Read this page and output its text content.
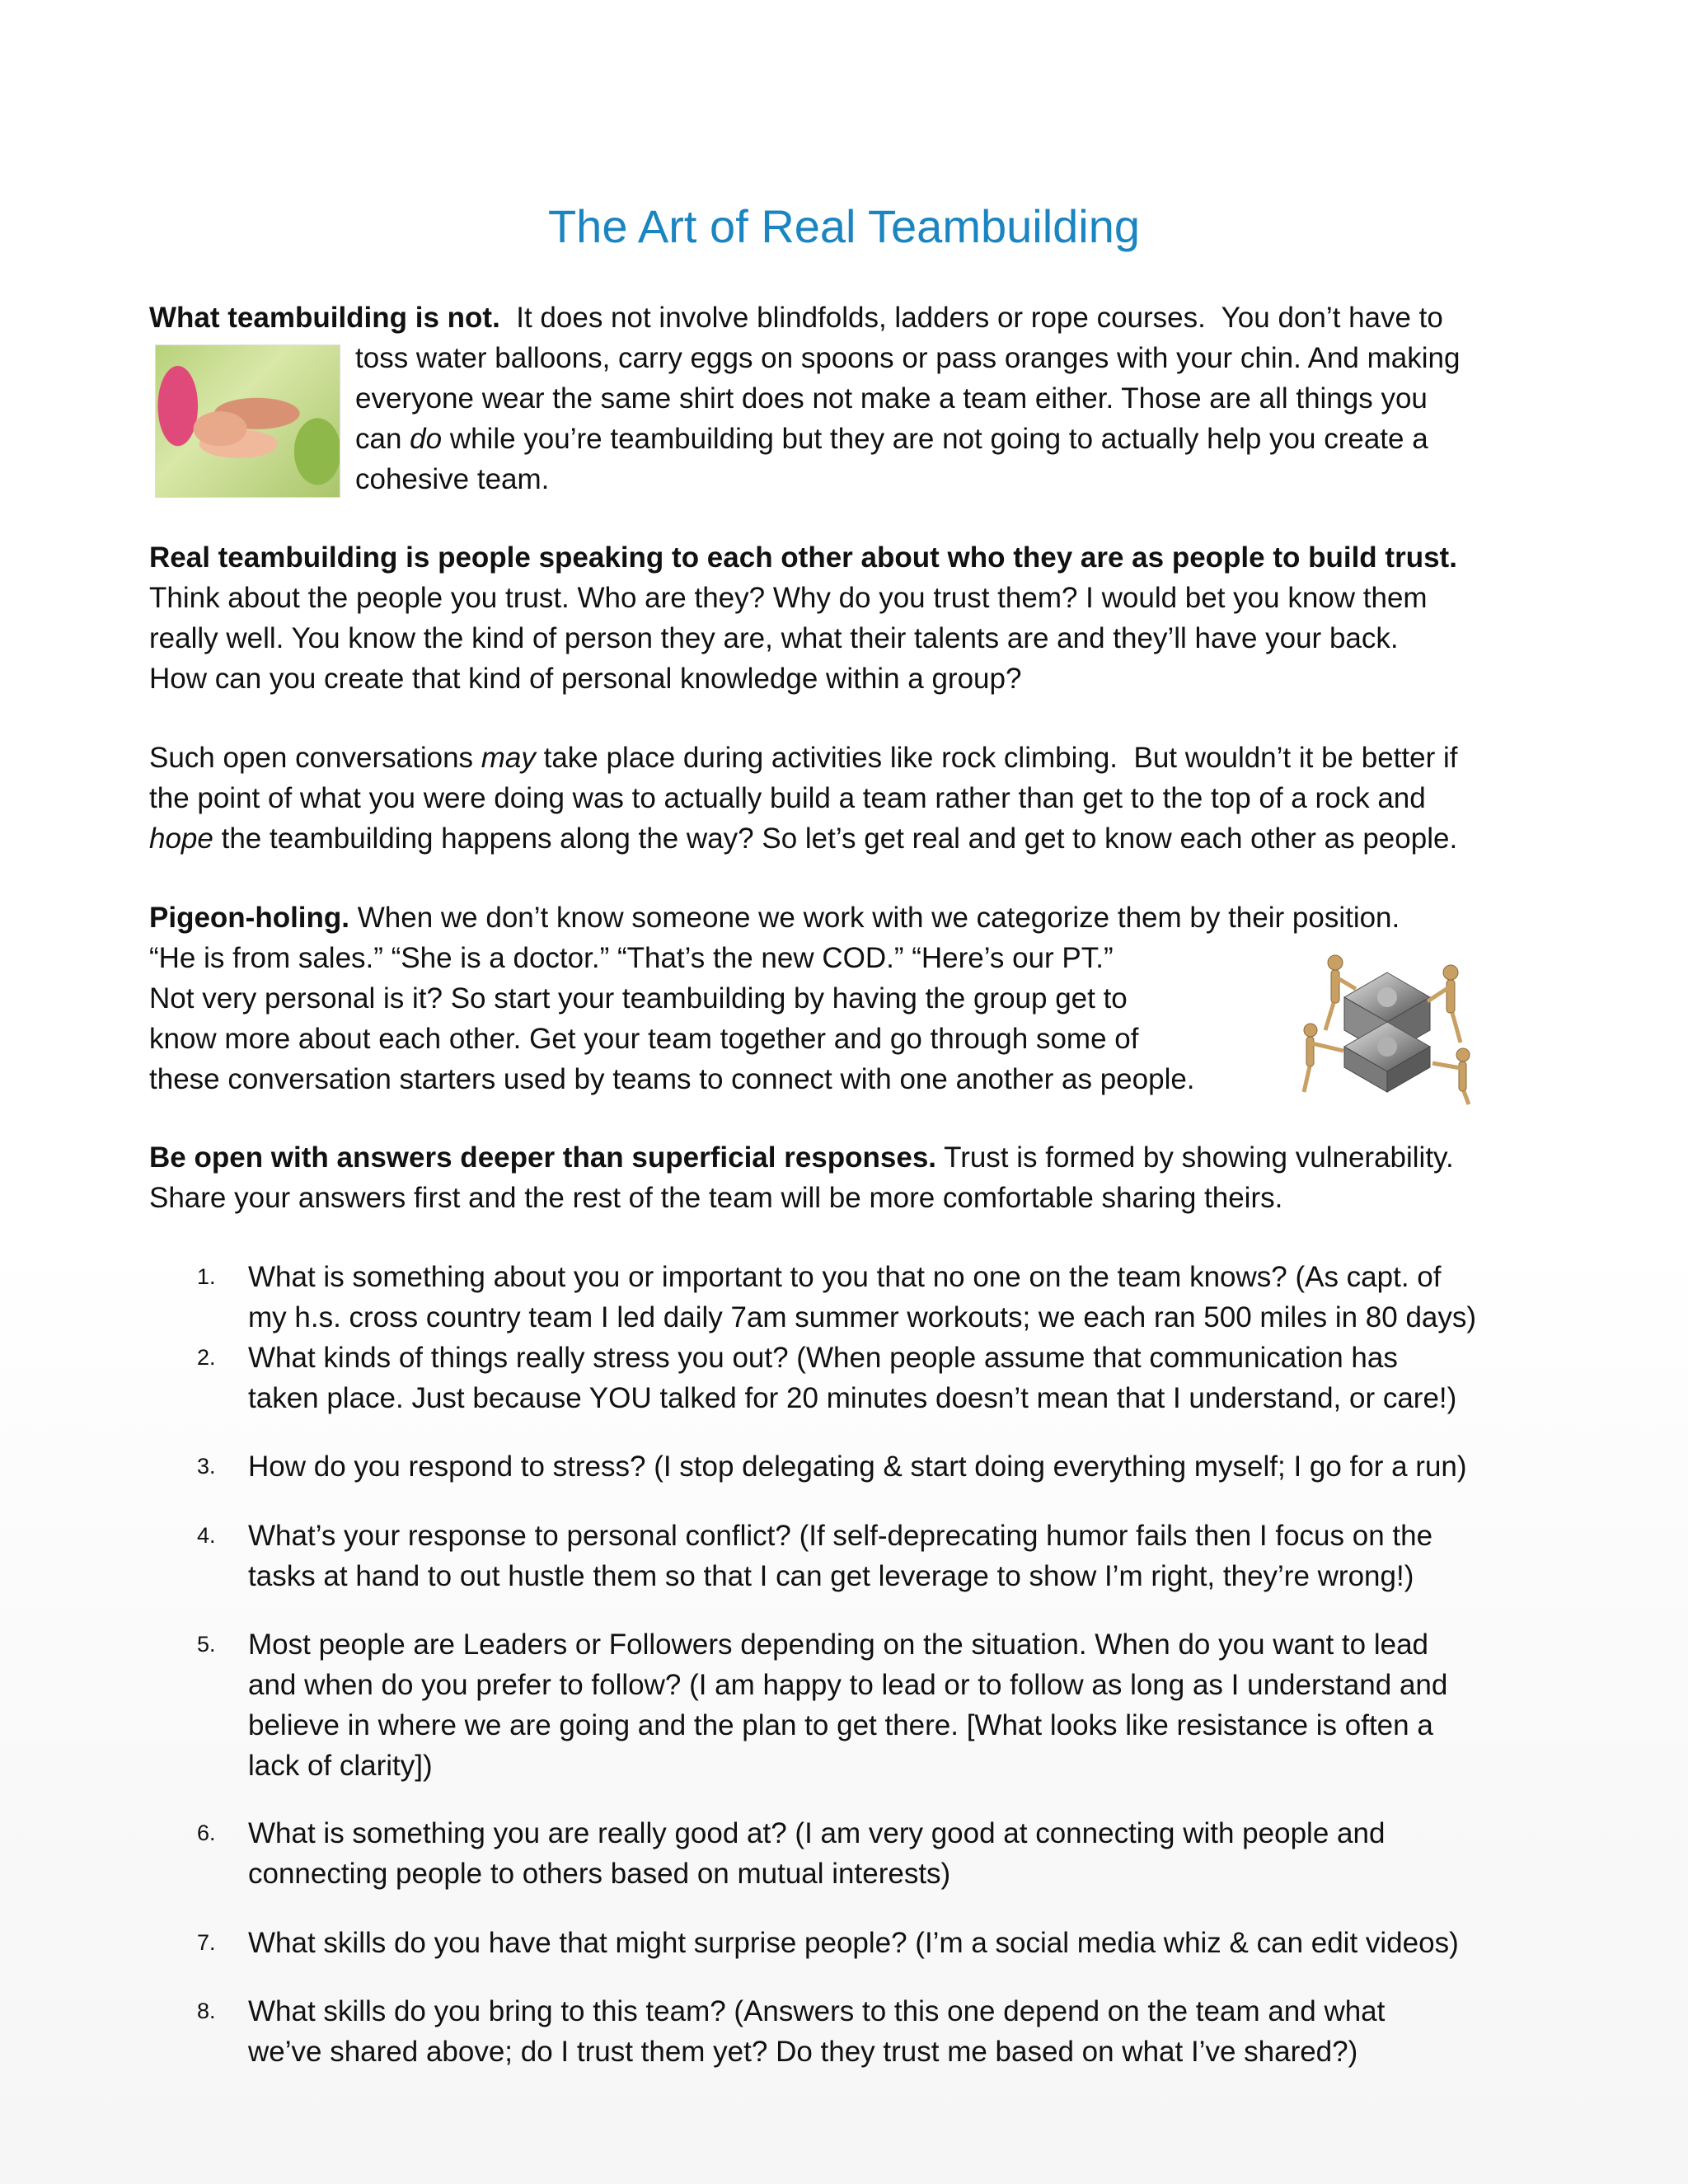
The Art of Real Teambuilding

What teambuilding is not.  It does not involve blindfolds, ladders or rope courses.  You don’t have to

toss water balloons, carry eggs on spoons or pass oranges with your chin. And making

everyone wear the same shirt does not make a team either. Those are all things you

can do while you’re teambuilding but they are not going to actually help you create a

cohesive team.

Real teambuilding is people speaking to each other about who they are as people to build trust.

Think about the people you trust. Who are they? Why do you trust them? I would bet you know them

really well. You know the kind of person they are, what their talents are and they’ll have your back.

How can you create that kind of personal knowledge within a group?

Such open conversations may take place during activities like rock climbing.  But wouldn’t it be better if

the point of what you were doing was to actually build a team rather than get to the top of a rock and

hope the teambuilding happens along the way? So let’s get real and get to know each other as people.

Pigeon-holing. When we don’t know someone we work with we categorize them by their position.

“He is from sales.” “She is a doctor.” “That’s the new COD.” “Here’s our PT.”

Not very personal is it? So start your teambuilding by having the group get to

know more about each other. Get your team together and go through some of

these conversation starters used by teams to connect with one another as people.

Be open with answers deeper than superficial responses. Trust is formed by showing vulnerability.

Share your answers first and the rest of the team will be more comfortable sharing theirs.

1.	What is something about you or important to you that no one on the team knows? (As capt. of
my h.s. cross country team I led daily 7am summer workouts; we each ran 500 miles in 80 days)
2.	What kinds of things really stress you out? (When people assume that communication has
taken place. Just because YOU talked for 20 minutes doesn’t mean that I understand, or care!)
3.	How do you respond to stress? (I stop delegating & start doing everything myself; I go for a run)
4.	What’s your response to personal conflict? (If self-deprecating humor fails then I focus on the
tasks at hand to out hustle them so that I can get leverage to show I’m right, they’re wrong!)
5.	Most people are Leaders or Followers depending on the situation. When do you want to lead
and when do you prefer to follow? (I am happy to lead or to follow as long as I understand and
believe in where we are going and the plan to get there. [What looks like resistance is often a
lack of clarity])
6.	What is something you are really good at? (I am very good at connecting with people and
connecting people to others based on mutual interests)
7.	What skills do you have that might surprise people? (I’m a social media whiz & can edit videos)
8.	What skills do you bring to this team? (Answers to this one depend on the team and what
we’ve shared above; do I trust them yet? Do they trust me based on what I’ve shared?)
